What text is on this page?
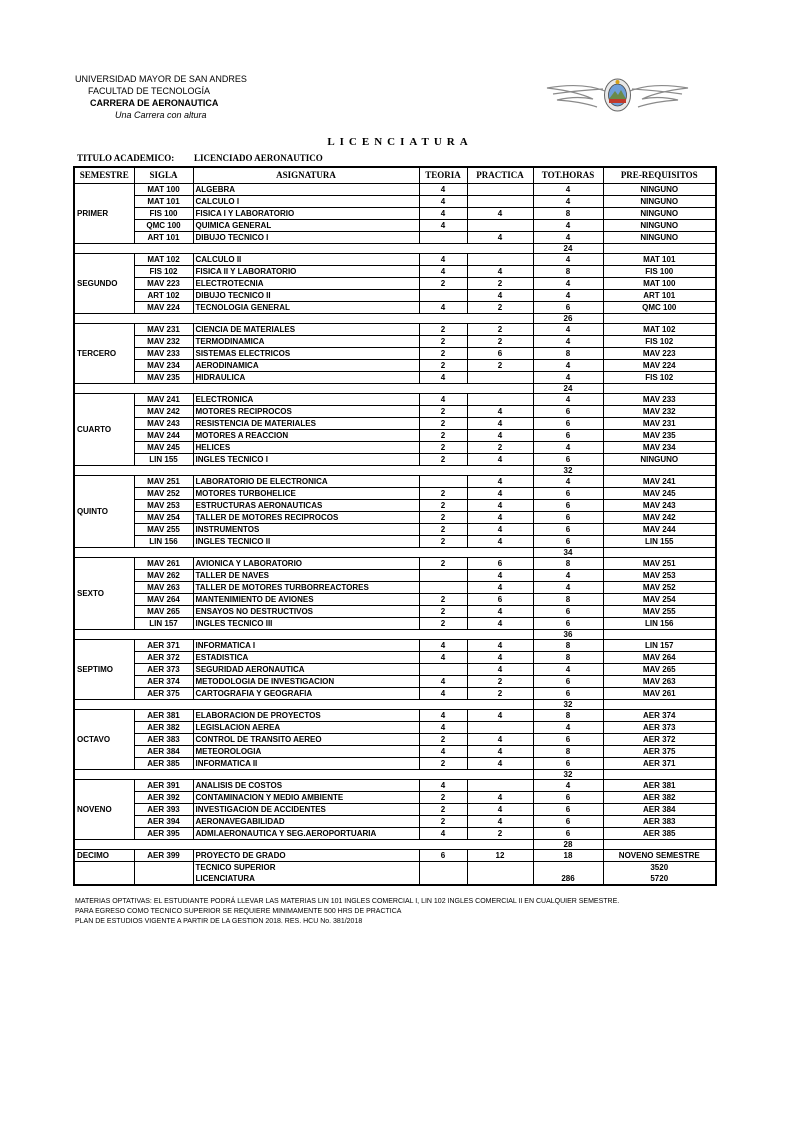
UNIVERSIDAD MAYOR DE SAN ANDRES
FACULTAD DE TECNOLOGÍA
CARRERA DE AERONAUTICA
Una Carrera con altura
LICENCIATURA
TITULO ACADEMICO: LICENCIADO AERONAUTICO
SEMESTRE	SIGLA	ASIGNATURA	TEORIA	PRACTICA	TOT.HORAS	PRE-REQUISITOS
PRIMER	MAT 100	ALGEBRA	4		4	NINGUNO
	MAT 101	CALCULO I	4		4	NINGUNO
	FIS 100	FISICA I Y LABORATORIO	4	4	8	NINGUNO
	QMC 100	QUIMICA GENERAL	4		4	NINGUNO
	ART 101	DIBUJO TECNICO I		4	4	NINGUNO
					24	
SEGUNDO	MAT 102	CALCULO II	4		4	MAT 101
	FIS 102	FISICA II Y LABORATORIO	4	4	8	FIS 100
	MAV 223	ELECTROTECNIA	2	2	4	MAT 100
	ART 102	DIBUJO TECNICO II		4	4	ART 101
	MAV 224	TECNOLOGIA GENERAL	4	2	6	QMC 100
					26	
TERCERO	MAV 231	CIENCIA DE MATERIALES	2	2	4	MAT 102
	MAV 232	TERMODINAMICA	2	2	4	FIS 102
	MAV 233	SISTEMAS ELECTRICOS	2	6	8	MAV 223
	MAV 234	AERODINAMICA	2	2	4	MAV 224
	MAV 235	HIDRAULICA	4		4	FIS 102
					24	
CUARTO	MAV 241	ELECTRONICA	4		4	MAV 233
	MAV 242	MOTORES RECIPROCOS	2	4	6	MAV 232
	MAV 243	RESISTENCIA DE MATERIALES	2	4	6	MAV 231
	MAV 244	MOTORES A REACCION	2	4	6	MAV 235
	MAV 245	HELICES	2	2	4	MAV 234
	LIN 155	INGLES TECNICO I	2	4	6	NINGUNO
					32	
QUINTO	MAV 251	LABORATORIO DE ELECTRONICA		4	4	MAV 241
	MAV 252	MOTORES TURBOHELICE	2	4	6	MAV 245
	MAV 253	ESTRUCTURAS AERONAUTICAS	2	4	6	MAV 243
	MAV 254	TALLER DE MOTORES RECIPROCOS	2	4	6	MAV 242
	MAV 255	INSTRUMENTOS	2	4	6	MAV 244
	LIN 156	INGLES TECNICO II	2	4	6	LIN 155
					34	
SEXTO	MAV 261	AVIONICA Y LABORATORIO	2	6	8	MAV 251
	MAV 262	TALLER DE NAVES		4	4	MAV 253
	MAV 263	TALLER DE MOTORES TURBORREACTORES		4	4	MAV 252
	MAV 264	MANTENIMIENTO DE AVIONES	2	6	8	MAV 254
	MAV 265	ENSAYOS NO DESTRUCTIVOS	2	4	6	MAV 255
	LIN 157	INGLES TECNICO III	2	4	6	LIN 156
					36	
SEPTIMO	AER 371	INFORMATICA I	4	4	8	LIN 157
	AER 372	ESTADISTICA	4	4	8	MAV 264
	AER 373	SEGURIDAD AERONAUTICA		4	4	MAV 265
	AER 374	METODOLOGIA DE INVESTIGACION	4	2	6	MAV 263
	AER 375	CARTOGRAFIA Y GEOGRAFIA	4	2	6	MAV 261
					32	
OCTAVO	AER 381	ELABORACION DE PROYECTOS	4	4	8	AER 374
	AER 382	LEGISLACION AEREA	4		4	AER 373
	AER 383	CONTROL DE TRANSITO AEREO	2	4	6	AER 372
	AER 384	METEOROLOGIA	4	4	8	AER 375
	AER 385	INFORMATICA II	2	4	6	AER 371
					32	
NOVENO	AER 391	ANALISIS DE COSTOS	4		4	AER 381
	AER 392	CONTAMINACION Y MEDIO AMBIENTE	2	4	6	AER 382
	AER 393	INVESTIGACION DE ACCIDENTES	2	4	6	AER 384
	AER 394	AERONAVEGABILIDAD	2	4	6	AER 383
	AER 395	ADMI.AERONAUTICA Y SEG.AEROPORTUARIA	4	2	6	AER 385
					28	
DECIMO	AER 399	PROYECTO DE GRADO	6	12	18	NOVENO SEMESTRE
		TECNICO SUPERIOR				3520
		LICENCIATURA			286	5720
MATERIAS OPTATIVAS: EL ESTUDIANTE PODRÁ LLEVAR LAS MATERIAS LIN 101 INGLES COMERCIAL I, LIN 102 INGLES COMERCIAL II EN CUALQUIER SEMESTRE.
PARA EGRESO COMO TECNICO SUPERIOR SE REQUIERE MINIMAMENTE 500 HRS DE PRACTICA
PLAN DE ESTUDIOS VIGENTE A PARTIR DE LA GESTION 2018. RES. HCU No. 381/2018
